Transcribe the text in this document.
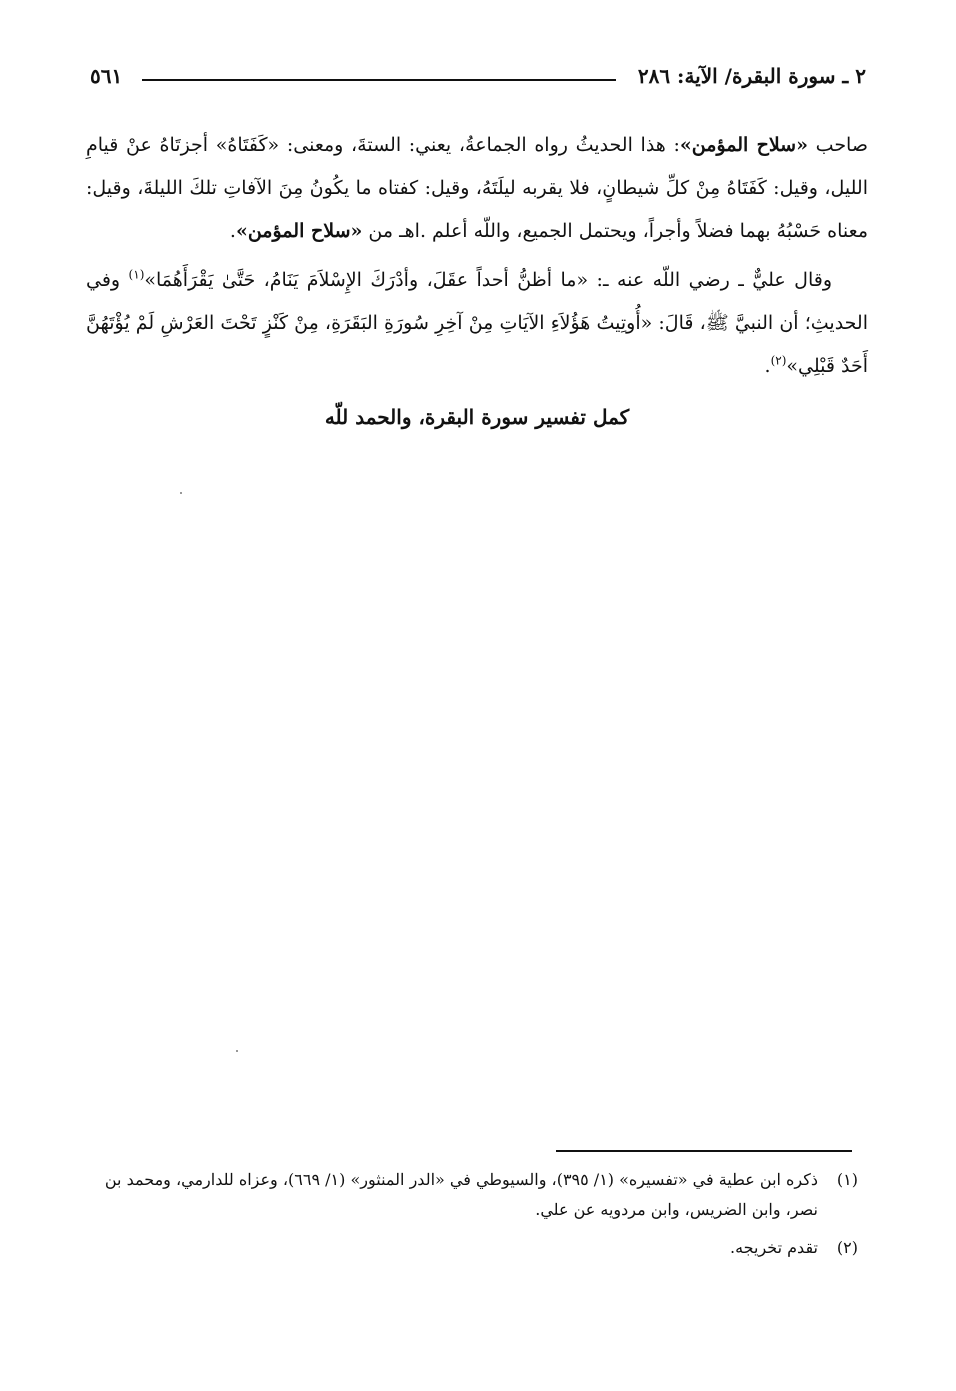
٢ ـ سورة البقرة/ الآية: ٢٨٦
٥٦١

صاحب «سلاح المؤمن»: هذا الحديثُ رواه الجماعةُ، يعني: الستةَ، ومعنى: «كَفَتَاهُ» أجزتَاهُ عنْ قيامِ الليل، وقيل: كَفَتَاهُ مِنْ كلِّ شيطانٍ، فلا يقربه ليلَتَهُ، وقيل: كفتاه ما يكُونُ مِنَ الآفاتِ تلكَ الليلةَ، وقيل: معناه حَسْبُهُ بهما فضلاً وأجراً، ويحتمل الجميع، واللّه أعلم .اهـ من «سلاح المؤمن».

وقال عليٌّ ـ رضي اللّه عنه ـ: «ما أظنُّ أحداً عقَلَ، وأدْرَكَ الإِسْلاَمَ يَنَامُ، حَتَّىٰ يَقْرَأَهُمَا»$^{(١)}$ وفي الحديثِ؛ أن النبيَّ ﷺ، قَالَ: «أُوتِيتُ هَؤُلاَءِ الآيَاتِ مِنْ آخِرِ سُورَةِ البَقَرَةِ، مِنْ كَنْزٍ تَحْتَ العَرْشِ لَمْ يُؤْتَهُنَّ أَحَدٌ قَبْلِي»$^{(٢)}$.

كمل تفسير سورة البقرة، والحمد للّه
(١)
ذكره ابن عطية في «تفسيره» (١/ ٣٩٥)، والسيوطي في «الدر المنثور» (١/ ٦٦٩)، وعزاه للدارمي، ومحمد بن نصر، وابن الضريس، وابن مردويه عن علي.
(٢)
تقدم تخريجه.
